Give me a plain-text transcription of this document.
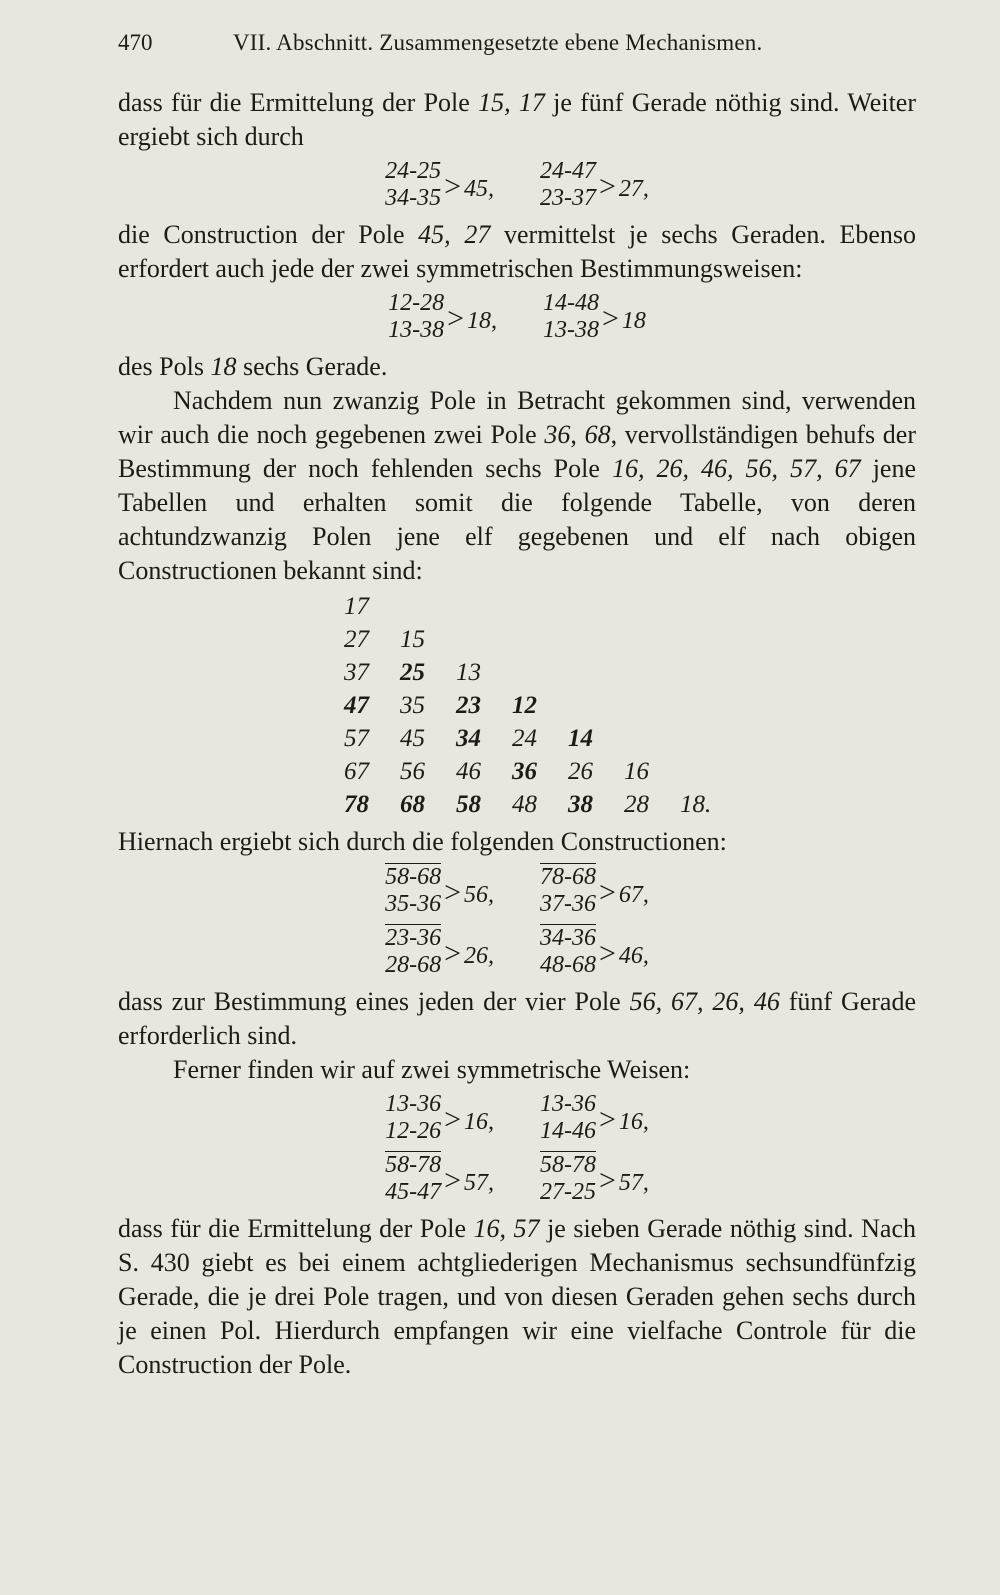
470	VII. Abschnitt. Zusammengesetzte ebene Mechanismen.

dass für die Ermittelung der Pole 15, 17 je fünf Gerade nöthig sind. Weiter ergiebt sich durch

24-25
34-35 > 45,
24-47
23-37 > 27,

die Construction der Pole 45, 27 vermittelst je sechs Geraden. Ebenso erfordert auch jede der zwei symmetrischen Bestimmungsweisen:

12-28
13-38 > 18,
14-48
13-38 > 18

des Pols 18 sechs Gerade.

Nachdem nun zwanzig Pole in Betracht gekommen sind, verwenden wir auch die noch gegebenen zwei Pole 36, 68, vervollständigen behufs der Bestimmung der noch fehlenden sechs Pole 16, 26, 46, 56, 57, 67 jene Tabellen und erhalten somit die folgende Tabelle, von deren achtundzwanzig Polen jene elf gegebenen und elf nach obigen Constructionen bekannt sind:

17
27	15
37	25	13
47	35	23	12
57	45	34	24	14
67	56	46	36	26	16
78	68	58	48	38	28	18.

Hiernach ergiebt sich durch die folgenden Constructionen:

58-68
35-36 > 56,
78-68
37-36 > 67,
23-36
28-68 > 26,
34-36
48-68 > 46,

dass zur Bestimmung eines jeden der vier Pole 56, 67, 26, 46 fünf Gerade erforderlich sind.

Ferner finden wir auf zwei symmetrische Weisen:

13-36
12-26 > 16,
13-36
14-46 > 16,
58-78
45-47 > 57,
58-78
27-25 > 57,

dass für die Ermittelung der Pole 16, 57 je sieben Gerade nöthig sind. Nach S. 430 giebt es bei einem achtgliederigen Mechanismus sechsundfünfzig Gerade, die je drei Pole tragen, und von diesen Geraden gehen sechs durch je einen Pol. Hierdurch empfangen wir eine vielfache Controle für die Construction der Pole.
